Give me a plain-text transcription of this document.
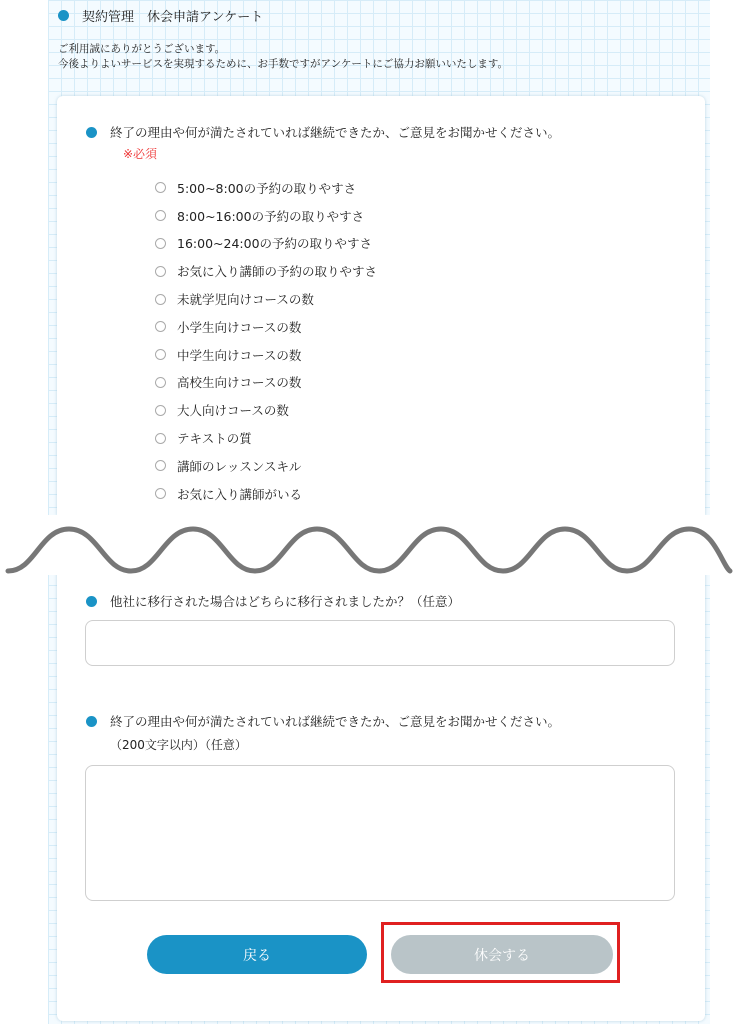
契約管理　休会申請アンケート
ご利用誠にありがとうございます。
今後よりよいサービスを実現するために、お手数ですがアンケートにご協力お願いいたします。
終了の理由や何が満たされていれば継続できたか、ご意見をお聞かせください。
※必須
5:00~8:00の予約の取りやすさ
8:00~16:00の予約の取りやすさ
16:00~24:00の予約の取りやすさ
お気に入り講師の予約の取りやすさ
未就学児向けコースの数
小学生向けコースの数
中学生向けコースの数
高校生向けコースの数
大人向けコースの数
テキストの質
講師のレッスンスキル
お気に入り講師がいる
他社に移行された場合はどちらに移行されましたか？（任意）
終了の理由や何が満たされていれば継続できたか、ご意見をお聞かせください。
（200文字以内）（任意）
戻る	休会する
